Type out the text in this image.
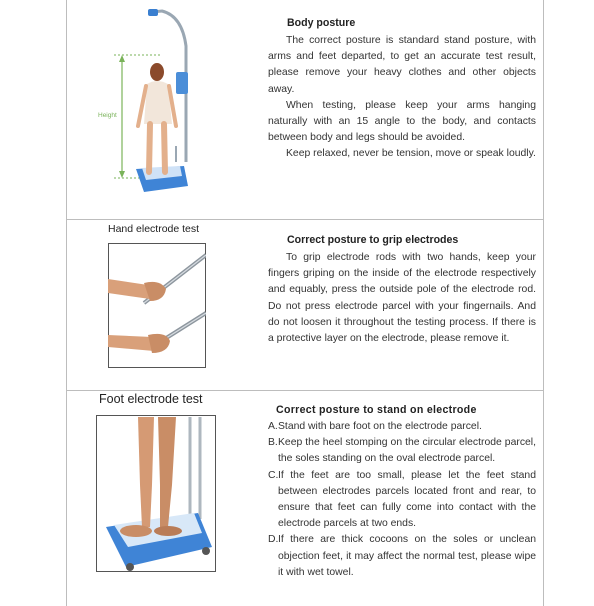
Height
Body posture

The correct posture is standard stand posture, with arms and feet departed, to get an accurate test result, please remove your heavy clothes and other objects away.

When testing, please keep your arms hanging naturally with an 15 angle to the body, and contacts between body and legs should be avoided.

Keep relaxed, never be tension, move or speak loudly.

Hand electrode test
Correct posture to grip electrodes

To grip electrode rods with two hands, keep your fingers griping on the inside of the electrode respectively and equably, press the outside pole of the electrode rod. Do not press electrode parcel with your fingernails. And do not loosen it throughout the testing process. If there is a protective layer on the electrode, please remove it.

Foot electrode test
Correct posture to stand on electrode
A. Stand with bare foot on the electrode parcel.
B. Keep the heel stomping on the circular electrode parcel, the soles standing on the oval electrode parcel.
C. If the feet are too small, please let the feet stand between electrodes parcels located front and rear, to ensure that feet can fully come into contact with the electrode parcels at two ends.
D. If there are thick cocoons on the soles or unclean objection feet, it may affect the normal test, please wipe it with wet towel.
